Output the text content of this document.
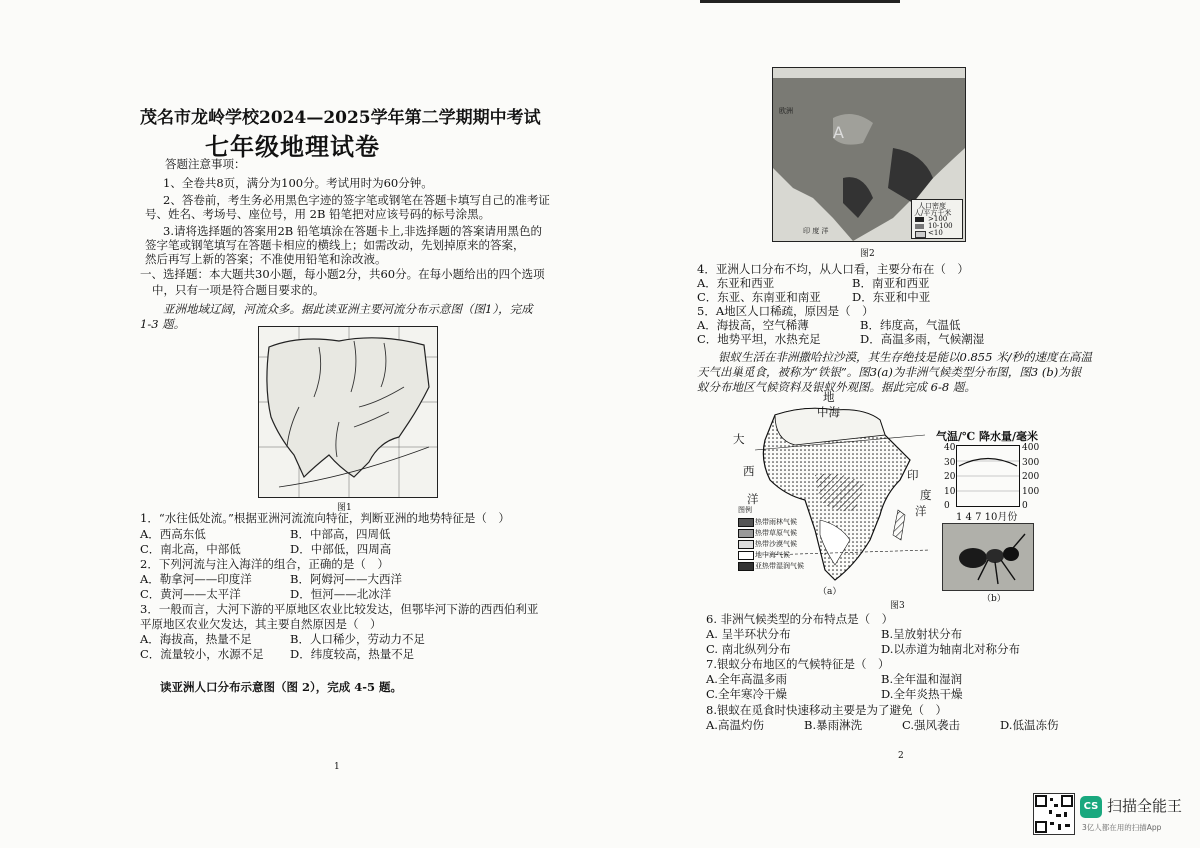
茂名市龙岭学校2024—2025学年第二学期期中考试
七年级地理试卷
答题注意事项：
1、全卷共8页，满分为100分。考试用时为60分钟。
2、答卷前，考生务必用黑色字迹的签字笔或钢笔在答题卡填写自己的准考证
号、姓名、考场号、座位号，用 2B 铅笔把对应该号码的标号涂黑。
3.请将选择题的答案用2B 铅笔填涂在答题卡上,非选择题的答案请用黑色的
签字笔或钢笔填写在答题卡相应的横线上；如需改动，先划掉原来的答案，
然后再写上新的答案；不准使用铅笔和涂改液。
一、选择题：本大题共30小题，每小题2分，共60分。在每小题给出的四个选项
中，只有一项是符合题目要求的。
亚洲地域辽阔，河流众多。据此读亚洲主要河流分布示意图（图1），完成
1-3 题。
图1
1．“水往低处流。”根据亚洲河流流向特征，判断亚洲的地势特征是（　）
A．西高东低	B．中部高，四周低
C．南北高，中部低	D．中部低，四周高
2．下列河流与注入海洋的组合，正确的是（　）
A．勒拿河——印度洋	B．阿姆河——大西洋
C．黄河——太平洋	D．恒河——北冰洋
3．一般而言，大河下游的平原地区农业比较发达，但鄂毕河下游的西西伯利亚
平原地区农业欠发达，其主要自然原因是（　）
A．海拔高，热量不足	B．人口稀少，劳动力不足
C．流量较小，水源不足 D．纬度较高，热量不足
读亚洲人口分布示意图（图 2），完成 4-5 题。
1
A
欧洲
印 度 洋
人口密度
人/平方千米
>100
10-100
<10
图2
4．亚洲人口分布不均，从人口看，主要分布在（　）
A．东亚和西亚	B．南亚和西亚
C．东亚、东南亚和南亚	D．东亚和中亚
5．A地区人口稀疏，原因是（　）
A．海拔高，空气稀薄	B．纬度高，气温低
C．地势平坦，水热充足	D．高温多雨，气候潮湿
银蚁生活在非洲撒哈拉沙漠，其生存绝技是能以0.855 米/秒的速度在高温
天气出巢觅食，被称为“铁银”。图3(a)为非洲气候类型分布图，图3 (b)为银
蚁分布地区气候资料及银蚁外观图。据此完成 6-8 题。
地
中海
大
西
洋
印
度
洋
图例
热带雨林气候
热带草原气候
热带沙漠气候
地中海气候
亚热带湿润气候
（a）
气温/℃ 降水量/毫米
40
30
20
10
0
400
300
200
100
0
1 4 7 10月份
（b）
图3
6. 非洲气候类型的分布特点是（　）
A. 呈半环状分布	B.呈放射状分布
C. 南北纵列分布	D.以赤道为轴南北对称分布
7.银蚁分布地区的气候特征是（　）
A.全年高温多雨	B.全年温和湿润
C.全年寒冷干燥	D.全年炎热干燥
8.银蚁在觅食时快速移动主要是为了避免（　）
A.高温灼伤	B.暴雨淋洗	C.强风袭击	D.低温冻伤
2
CS 扫描全能王
3亿人都在用的扫描App
